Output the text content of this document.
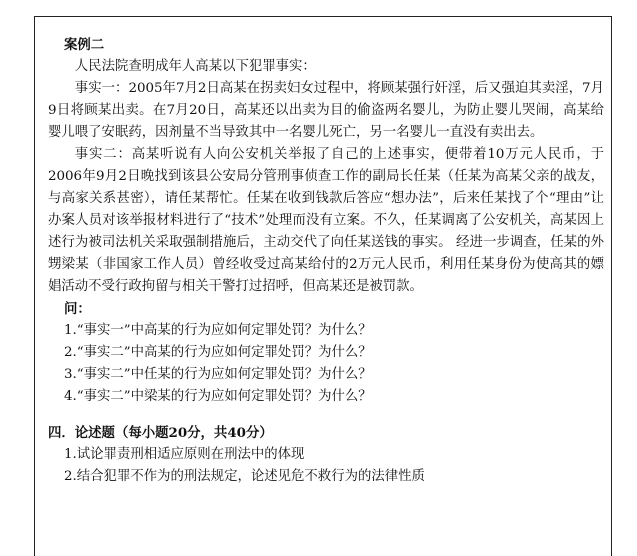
案例二

人民法院查明成年人高某以下犯罪事实：

事实一：2005年7月2日高某在拐卖妇女过程中，将顾某强行奸淫，后又强迫其卖淫，7月9日将顾某出卖。在7月20日，高某还以出卖为目的偷盗两名婴儿，为防止婴儿哭闹，高某给婴儿喂了安眠药，因剂量不当导致其中一名婴儿死亡，另一名婴儿一直没有卖出去。

事实二：高某听说有人向公安机关举报了自己的上述事实，便带着10万元人民币，于2006年9月2日晚找到该县公安局分管刑事侦查工作的副局长任某（任某为高某父亲的战友，与高家关系甚密），请任某帮忙。任某在收到钱款后答应“想办法”，后来任某找了个“理由”让办案人员对该举报材料进行了“技术”处理而没有立案。不久，任某调离了公安机关，高某因上述行为被司法机关采取强制措施后，主动交代了向任某送钱的事实。 经进一步调查，任某的外甥梁某（非国家工作人员）曾经收受过高某给付的2万元人民币，利用任某身份为使高其的嫖娼活动不受行政拘留与相关干警打过招呼，但高某还是被罚款。

问：
1.“事实一”中高某的行为应如何定罪处罚？为什么？
2.“事实二”中高某的行为应如何定罪处罚？为什么？
3.“事实二”中任某的行为应如何定罪处罚？为什么？
4.“事实二”中梁某的行为应如何定罪处罚？为什么？
四．论述题（每小题20分，共40分）
1.试论罪责刑相适应原则在刑法中的体现
2.结合犯罪不作为的刑法规定，论述见危不救行为的法律性质
